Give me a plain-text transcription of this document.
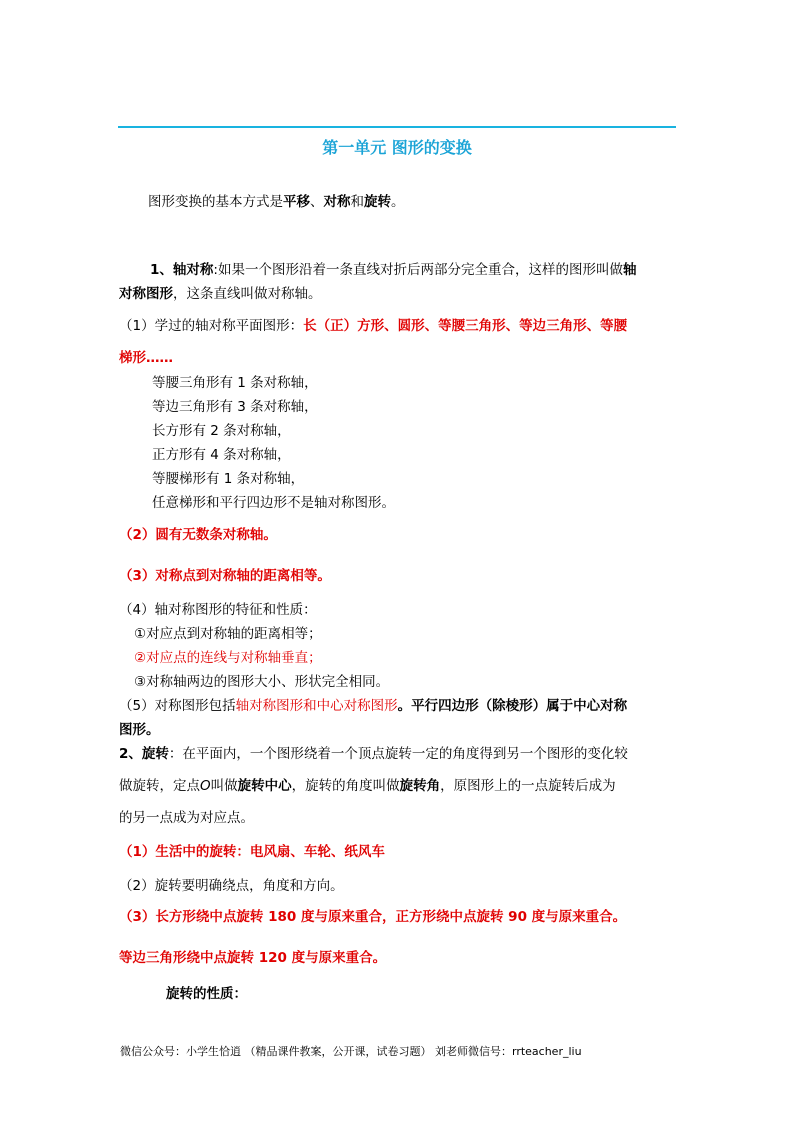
第一单元 图形的变换
图形变换的基本方式是平移、对称和旋转。
1、轴对称:如果一个图形沿着一条直线对折后两部分完全重合，这样的图形叫做轴
对称图形，这条直线叫做对称轴。
（1）学过的轴对称平面图形：长（正）方形、圆形、等腰三角形、等边三角形、等腰
梯形……
等腰三角形有 1 条对称轴，
等边三角形有 3 条对称轴，
长方形有 2 条对称轴，
正方形有 4 条对称轴，
等腰梯形有 1 条对称轴，
任意梯形和平行四边形不是轴对称图形。
（2）圆有无数条对称轴。
（3）对称点到对称轴的距离相等。
（4）轴对称图形的特征和性质：
①对应点到对称轴的距离相等；
②对应点的连线与对称轴垂直；
③对称轴两边的图形大小、形状完全相同。
（5）对称图形包括轴对称图形和中心对称图形。平行四边形（除棱形）属于中心对称
图形。
2、旋转：在平面内，一个图形绕着一个顶点旋转一定的角度得到另一个图形的变化较
做旋转，定点O叫做旋转中心，旋转的角度叫做旋转角，原图形上的一点旋转后成为
的另一点成为对应点。
（1）生活中的旋转：电风扇、车轮、纸风车
（2）旋转要明确绕点，角度和方向。
（3）长方形绕中点旋转 180 度与原来重合，正方形绕中点旋转 90 度与原来重合。
等边三角形绕中点旋转 120 度与原来重合。
旋转的性质：
微信公众号：小学生恰逍 （精品课件教案，公开课，试卷习题） 刘老师微信号：rrteacher_liu
